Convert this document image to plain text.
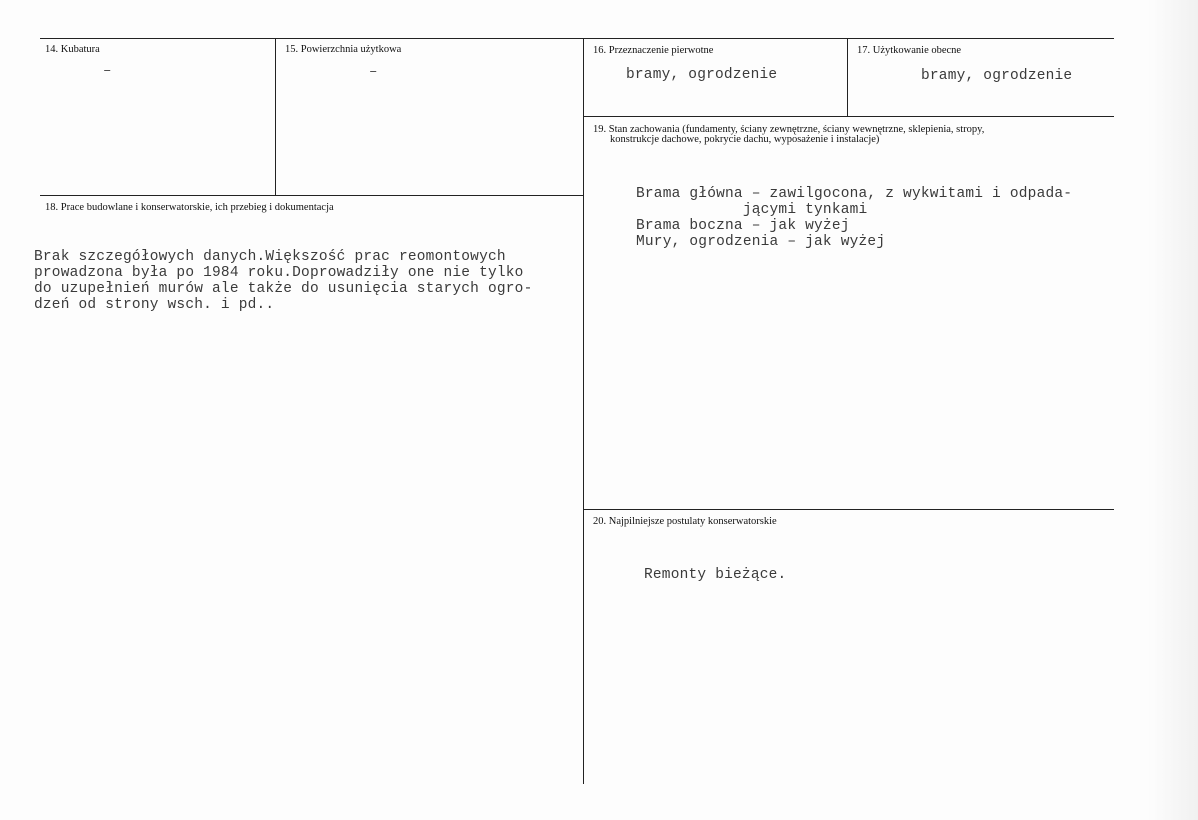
14. Kubatura
–
15. Powierzchnia użytkowa
–
16. Przeznaczenie pierwotne
bramy, ogrodzenie
17. Użytkowanie obecne
bramy, ogrodzenie
19. Stan zachowania (fundamenty, ściany zewnętrzne, ściany wewnętrzne, sklepienia, stropy,
konstrukcje dachowe, pokrycie dachu, wyposażenie i instalacje)
Brama główna – zawilgocona, z wykwitami i odpada-
jącymi tynkami
Brama boczna – jak wyżej
Mury, ogrodzenia – jak wyżej
18. Prace budowlane i konserwatorskie, ich przebieg i dokumentacja
Brak szczegółowych danych.Większość prac reomontowych
prowadzona była po 1984 roku.Doprowadziły one nie tylko
do uzupełnień murów ale także do usunięcia starych ogro-
dzeń od strony wsch. i pd..
20. Najpilniejsze postulaty konserwatorskie
Remonty bieżące.
